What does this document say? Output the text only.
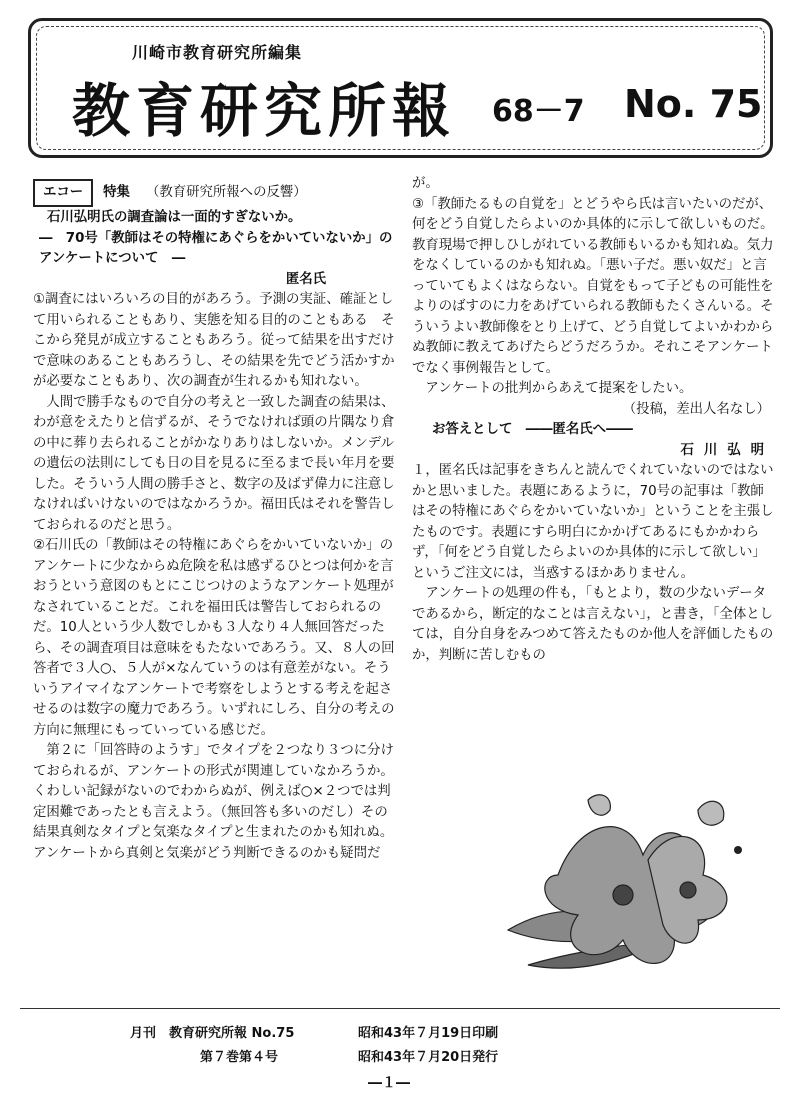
川崎市教育研究所編集
教育研究所報 68－7 No. 75
エコー	特集 （教育研究所報への反響）

石川弘明氏の調査論は一面的すぎないか。

―　70号「教師はその特権にあぐらをかいていないか」のアンケートについて　―

匿名氏

①調査にはいろいろの目的があろう。予測の実証、確証として用いられることもあり、実態を知る目的のこともある　そこから発見が成立することもあろう。従って結果を出すだけで意味のあることもあろうし、その結果を先でどう活かすかが必要なこともあり、次の調査が生れるかも知れない。

人間で勝手なもので自分の考えと一致した調査の結果は、わが意をえたりと信ずるが、そうでなければ頭の片隅なり倉の中に葬り去られることがかなりありはしないか。メンデルの遺伝の法則にしても日の目を見るに至るまで長い年月を要した。そういう人間の勝手さと、数字の及ばず偉力に注意しなければいけないのではなかろうか。福田氏はそれを警告しておられるのだと思う。

②石川氏の「教師はその特権にあぐらをかいていないか」のアンケートに少なからぬ危険を私は感ずるひとつは何かを言おうという意図のもとにこじつけのようなアンケート処理がなされていることだ。これを福田氏は警告しておられるのだ。10人という少人数でしかも３人なり４人無回答だったら、その調査項目は意味をもたないであろう。又、８人の回答者で３人○、５人が×なんていうのは有意差がない。そういうアイマイなアンケートで考察をしようとする考えを起させるのは数字の魔力であろう。いずれにしろ、自分の考えの方向に無理にもっていっている感じだ。

第２に「回答時のようす」でタイプを２つなり３つに分けておられるが、アンケートの形式が関連していなかろうか。くわしい記録がないのでわからぬが、例えば○×２つでは判定困難であったとも言えよう。（無回答も多いのだし）その結果真剣なタイプと気楽なタイプと生まれたのかも知れぬ。アンケートから真剣と気楽がどう判断できるのかも疑問だ

が。

③「教師たるもの自覚を」とどうやら氏は言いたいのだが、何をどう自覚したらよいのか具体的に示して欲しいものだ。教育現場で押しひしがれている教師もいるかも知れぬ。気力をなくしているのかも知れぬ。「悪い子だ。悪い奴だ」と言っていてもよくはならない。自覚をもって子どもの可能性をよりのばすのに力をあげていられる教師もたくさんいる。そういうよい教師像をとり上げて、どう自覚してよいかわからぬ教師に教えてあげたらどうだろうか。それこそアンケートでなく事例報告として。

アンケートの批判からあえて提案をしたい。

（投稿，差出人名なし）

お答えとして　――匿名氏へ――

石川弘明

１，匿名氏は記事をきちんと読んでくれていないのではないかと思いました。表題にあるように，70号の記事は「教師はその特権にあぐらをかいていないか」ということを主張したものです。表題にすら明白にかかげてあるにもかかわらず，「何をどう自覚したらよいのか具体的に示して欲しい」というご注文には，当惑するほかありません。

アンケートの処理の件も，「もとより，数の少ないデータであるから，断定的なことは言えない」，と書き，「全体としては，自分自身をみつめて答えたものか他人を評価したものか，判断に苦しむもの

月刊　教育研究所報 No.75
第７巻第４号
昭和43年７月19日印刷
昭和43年７月20日発行
―１―
